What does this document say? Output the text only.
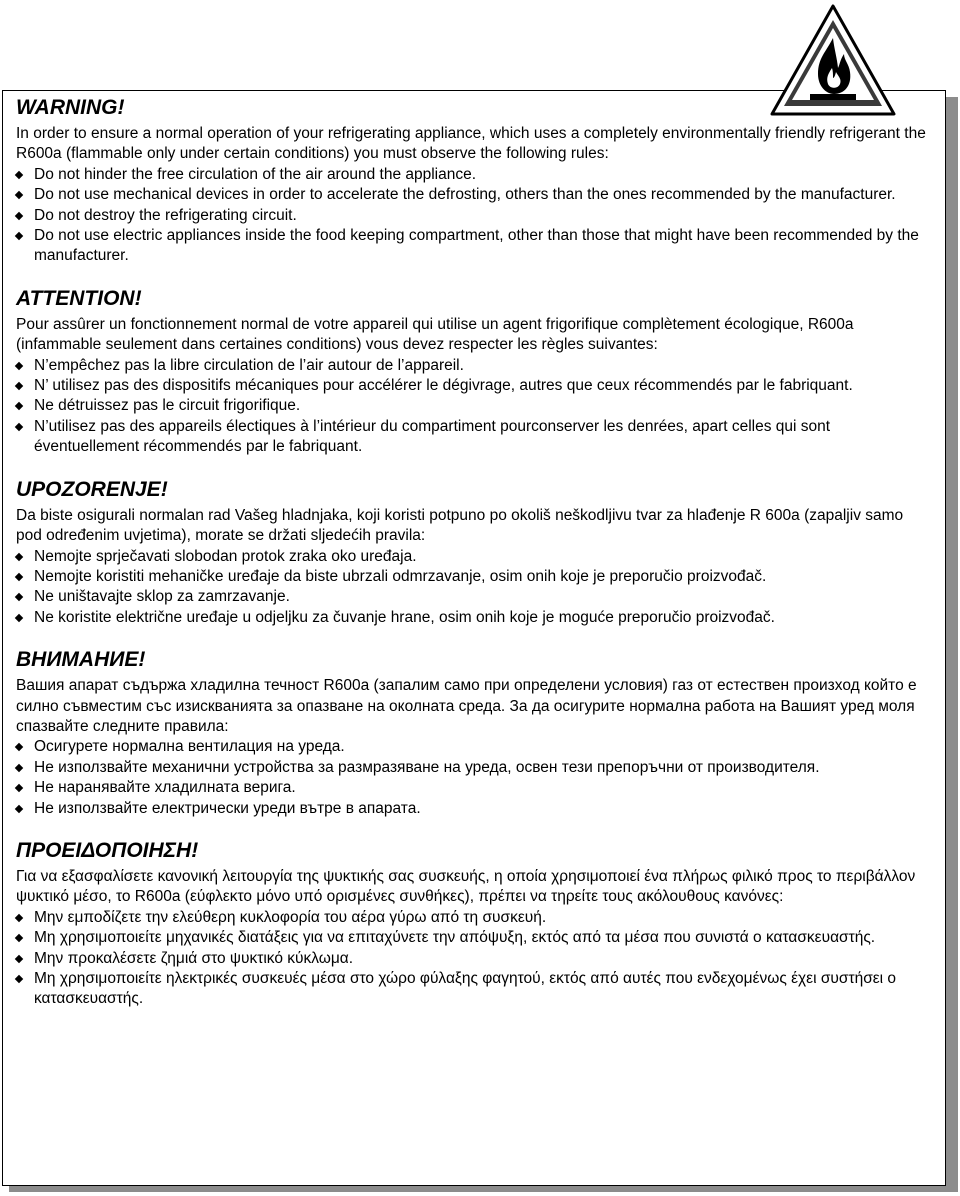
WARNING!

In order to ensure a normal operation of your refrigerating appliance, which uses a completely environmentally friendly refrigerant the R600a (flammable only under certain conditions) you must observe the following rules:

Do not hinder the free circulation of the air around the appliance.
Do not use mechanical devices in order to accelerate the defrosting, others than the ones recommended by the manufacturer.
Do not destroy the refrigerating circuit.
Do not use electric appliances inside the food keeping compartment, other than those that might have been recommended by the manufacturer.
ATTENTION!

Pour assûrer un fonctionnement normal de votre appareil qui utilise un agent frigorifique complètement écologique, R600a (infammable seulement dans certaines conditions) vous devez respecter les règles suivantes:

N’empêchez pas la libre circulation de l’air autour de l’appareil.
N’ utilisez pas des dispositifs mécaniques pour accélérer le dégivrage, autres que ceux récommendés par le fabriquant.
Ne détruissez pas le circuit frigorifique.
N’utilisez pas des appareils électiques à l’intérieur du compartiment pourconserver les denrées, apart celles qui sont éventuellement récommendés par le fabriquant.
UPOZORENJE!

Da biste osigurali normalan rad Vašeg hladnjaka, koji koristi potpuno po okoliš neškodljivu tvar za hlađenje R 600a (zapaljiv samo pod određenim uvjetima), morate se držati sljedećih pravila:

Nemojte sprječavati slobodan protok zraka oko uređaja.
Nemojte koristiti mehaničke uređaje da biste ubrzali odmrzavanje, osim onih koje je preporučio proizvođač.
Ne uništavajte sklop za zamrzavanje.
Ne koristite električne uređaje u odjeljku za čuvanje hrane, osim onih koje je moguće preporučio proizvođač.
ВНИМАНИЕ!

Вашия апарат съдържа хладилна течност R600a (запалим само при определени условия) газ от естествен произход който е силно съвместим със изискванията за опазване на околната среда. За да осигурите нормална работа на Вашият уред моля спазвайте следните правила:

Осигурете нормална вентилация на уреда.
Не използвайте механични устройства за размразяване на уреда, освен тези препоръчни от производителя.
Не наранявайте хладилната верига.
Не използвайте електрически уреди вътре в апарата.
ΠΡΟΕΙΔΟΠΟΙΗΣΗ!

Για να εξασφαλίσετε κανονική λειτουργία της ψυκτικής σας συσκευής, η οποία χρησιμοποιεί ένα πλήρως φιλικό προς το περιβάλλον ψυκτικό μέσο, το R600a (εύφλεκτο μόνο υπό ορισμένες συνθήκες), πρέπει να τηρείτε τους ακόλουθους κανόνες:

Μην εμποδίζετε την ελεύθερη κυκλοφορία του αέρα γύρω από τη συσκευή.
Μη χρησιμοποιείτε μηχανικές διατάξεις για να επιταχύνετε την απόψυξη, εκτός από τα μέσα που συνιστά ο κατασκευαστής.
Μην προκαλέσετε ζημιά στο ψυκτικό κύκλωμα.
Μη χρησιμοποιείτε ηλεκτρικές συσκευές μέσα στο χώρο φύλαξης φαγητού, εκτός από αυτές που ενδεχομένως έχει συστήσει ο κατασκευαστής.
